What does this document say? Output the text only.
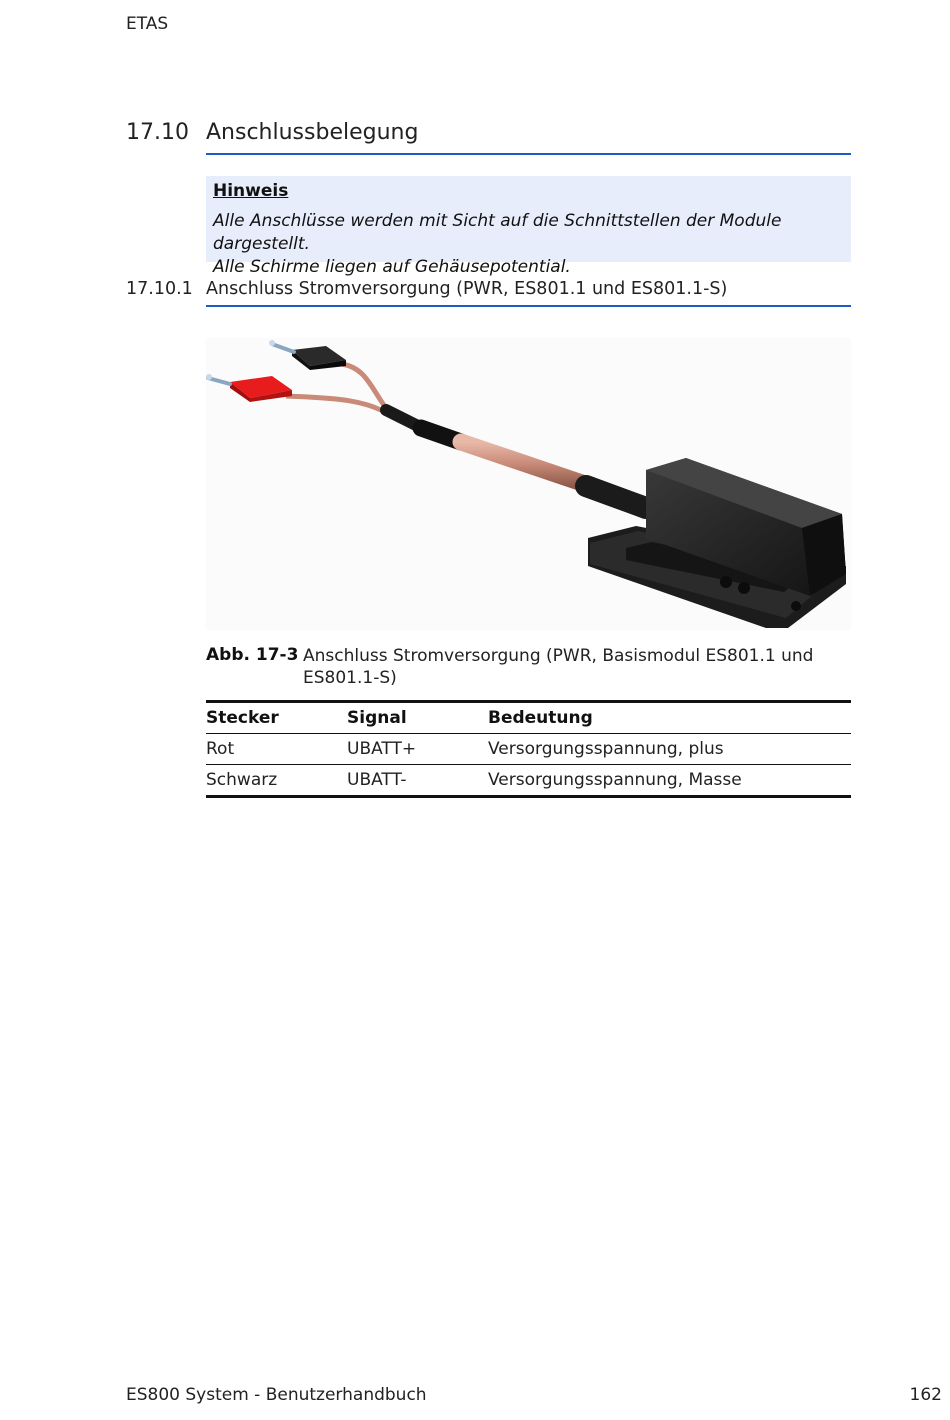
ETAS
17.10 Anschlussbelegung
Hinweis
Alle Anschlüsse werden mit Sicht auf die Schnittstellen der Module dargestellt.
Alle Schirme liegen auf Gehäusepotential.
17.10.1 Anschluss Stromversorgung (PWR, ES801.1 und ES801.1-S)
Abb. 17-3 Anschluss Stromversorgung (PWR, Basismodul ES801.1 und ES801.1-S)
Stecker	Signal	Bedeutung
Rot	UBATT+	Versorgungsspannung, plus
Schwarz	UBATT-	Versorgungsspannung, Masse
ES800 System - Benutzerhandbuch	162
